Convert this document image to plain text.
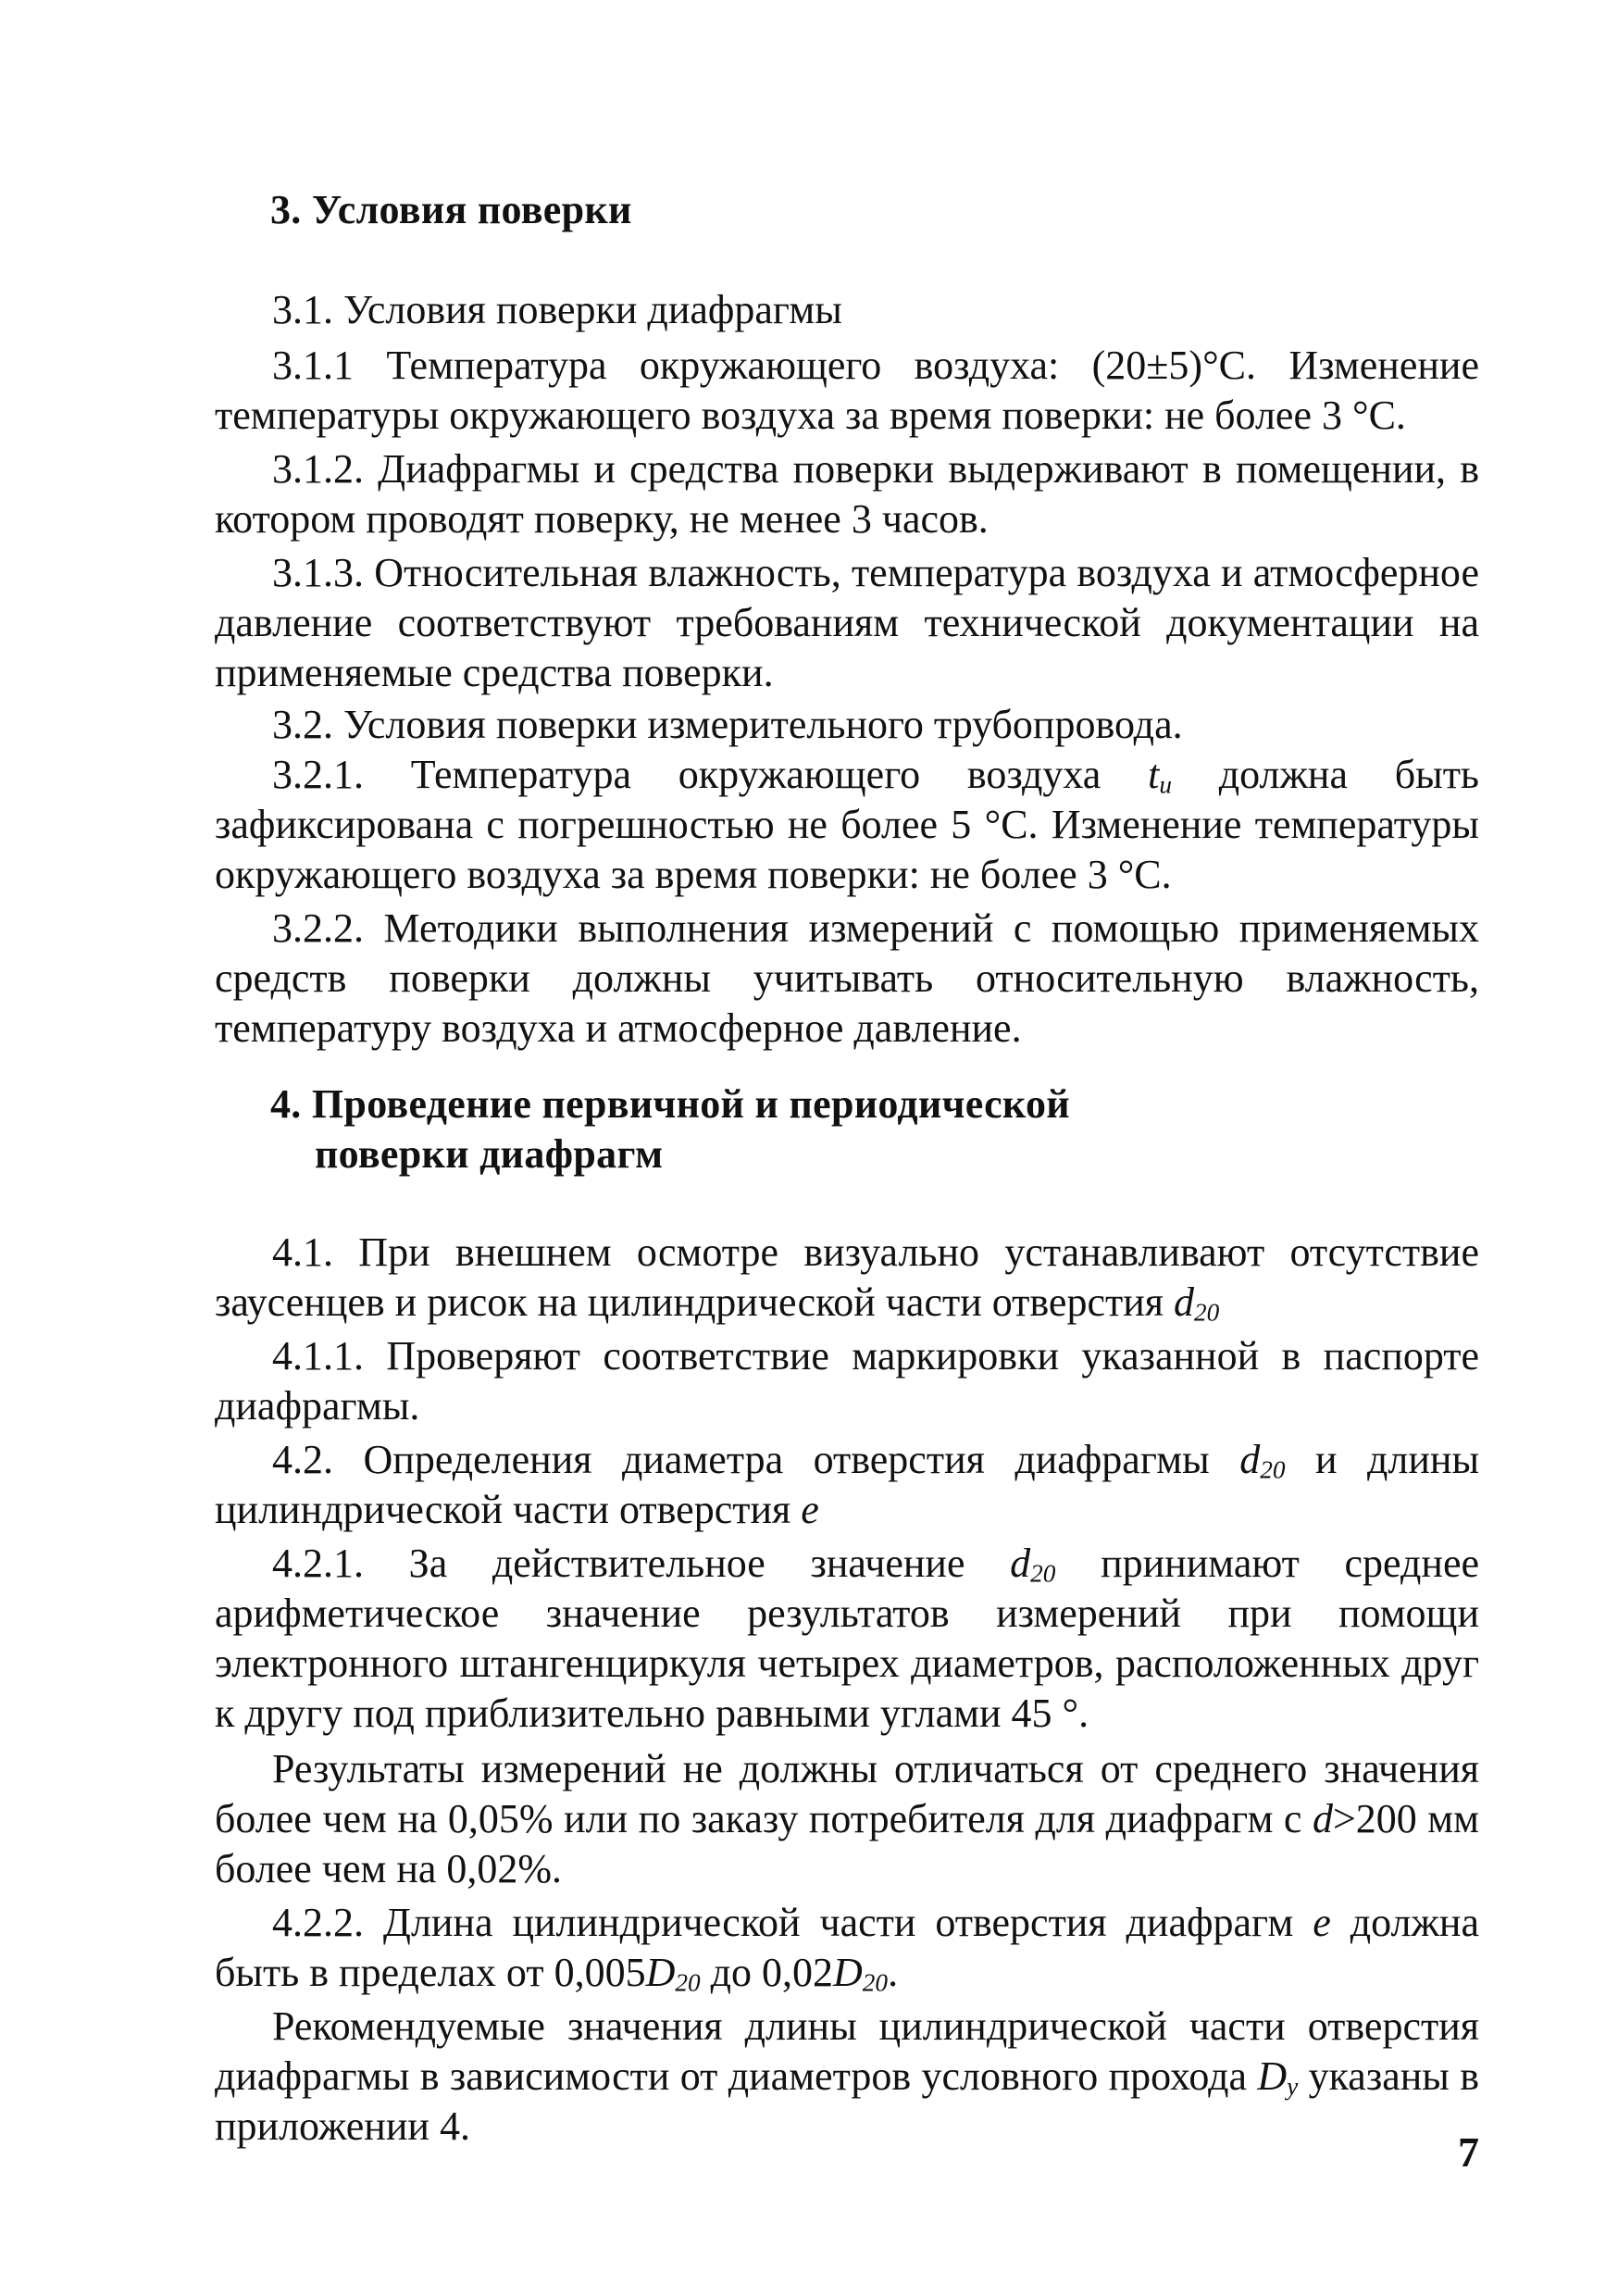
3. Условия поверки

3.1. Условия поверки диафрагмы

3.1.1 Температура окружающего воздуха: (20±5)°С. Изменение температуры окружающего воздуха за время поверки: не более 3 °С.

3.1.2. Диафрагмы и средства поверки выдерживают в помещении, в котором проводят поверку, не менее 3 часов.

3.1.3. Относительная влажность, температура воздуха и атмосферное давление соответствуют требованиям технической документации на применяемые средства поверки.

3.2. Условия поверки измерительного трубопровода.

3.2.1. Температура окружающего воздуха $t_и$ должна быть зафиксирована с погрешностью не более 5 °С. Изменение температуры окружающего воздуха за время поверки: не более 3 °С.

3.2.2. Методики выполнения измерений с помощью применяемых средств поверки должны учитывать относительную влажность, температуру воздуха и атмосферное давление.

4. Проведение первичной и периодической
поверки диафрагм

4.1. При внешнем осмотре визуально устанавливают отсутствие заусенцев и рисок на цилиндрической части отверстия $d_{20}$

4.1.1. Проверяют соответствие маркировки указанной в паспорте диафрагмы.

4.2. Определения диаметра отверстия диафрагмы $d_{20}$ и длины цилиндрической части отверстия е

4.2.1. За действительное значение $d_{20}$ принимают среднее арифметическое значение результатов измерений при помощи электронного штангенциркуля четырех диаметров, расположенных друг к другу под приблизительно равными углами 45 °.

Результаты измерений не должны отличаться от среднего значения более чем на 0,05% или по заказу потребителя для диафрагм с d>200 мм более чем на 0,02%.

4.2.2. Длина цилиндрической части отверстия диафрагм е должна быть в пределах от $0,005D_{20}$ до $0,02D_{20}$.

Рекомендуемые значения длины цилиндрической части отверстия диафрагмы в зависимости от диаметров условного прохода $D_у$ указаны в приложении 4.

7
